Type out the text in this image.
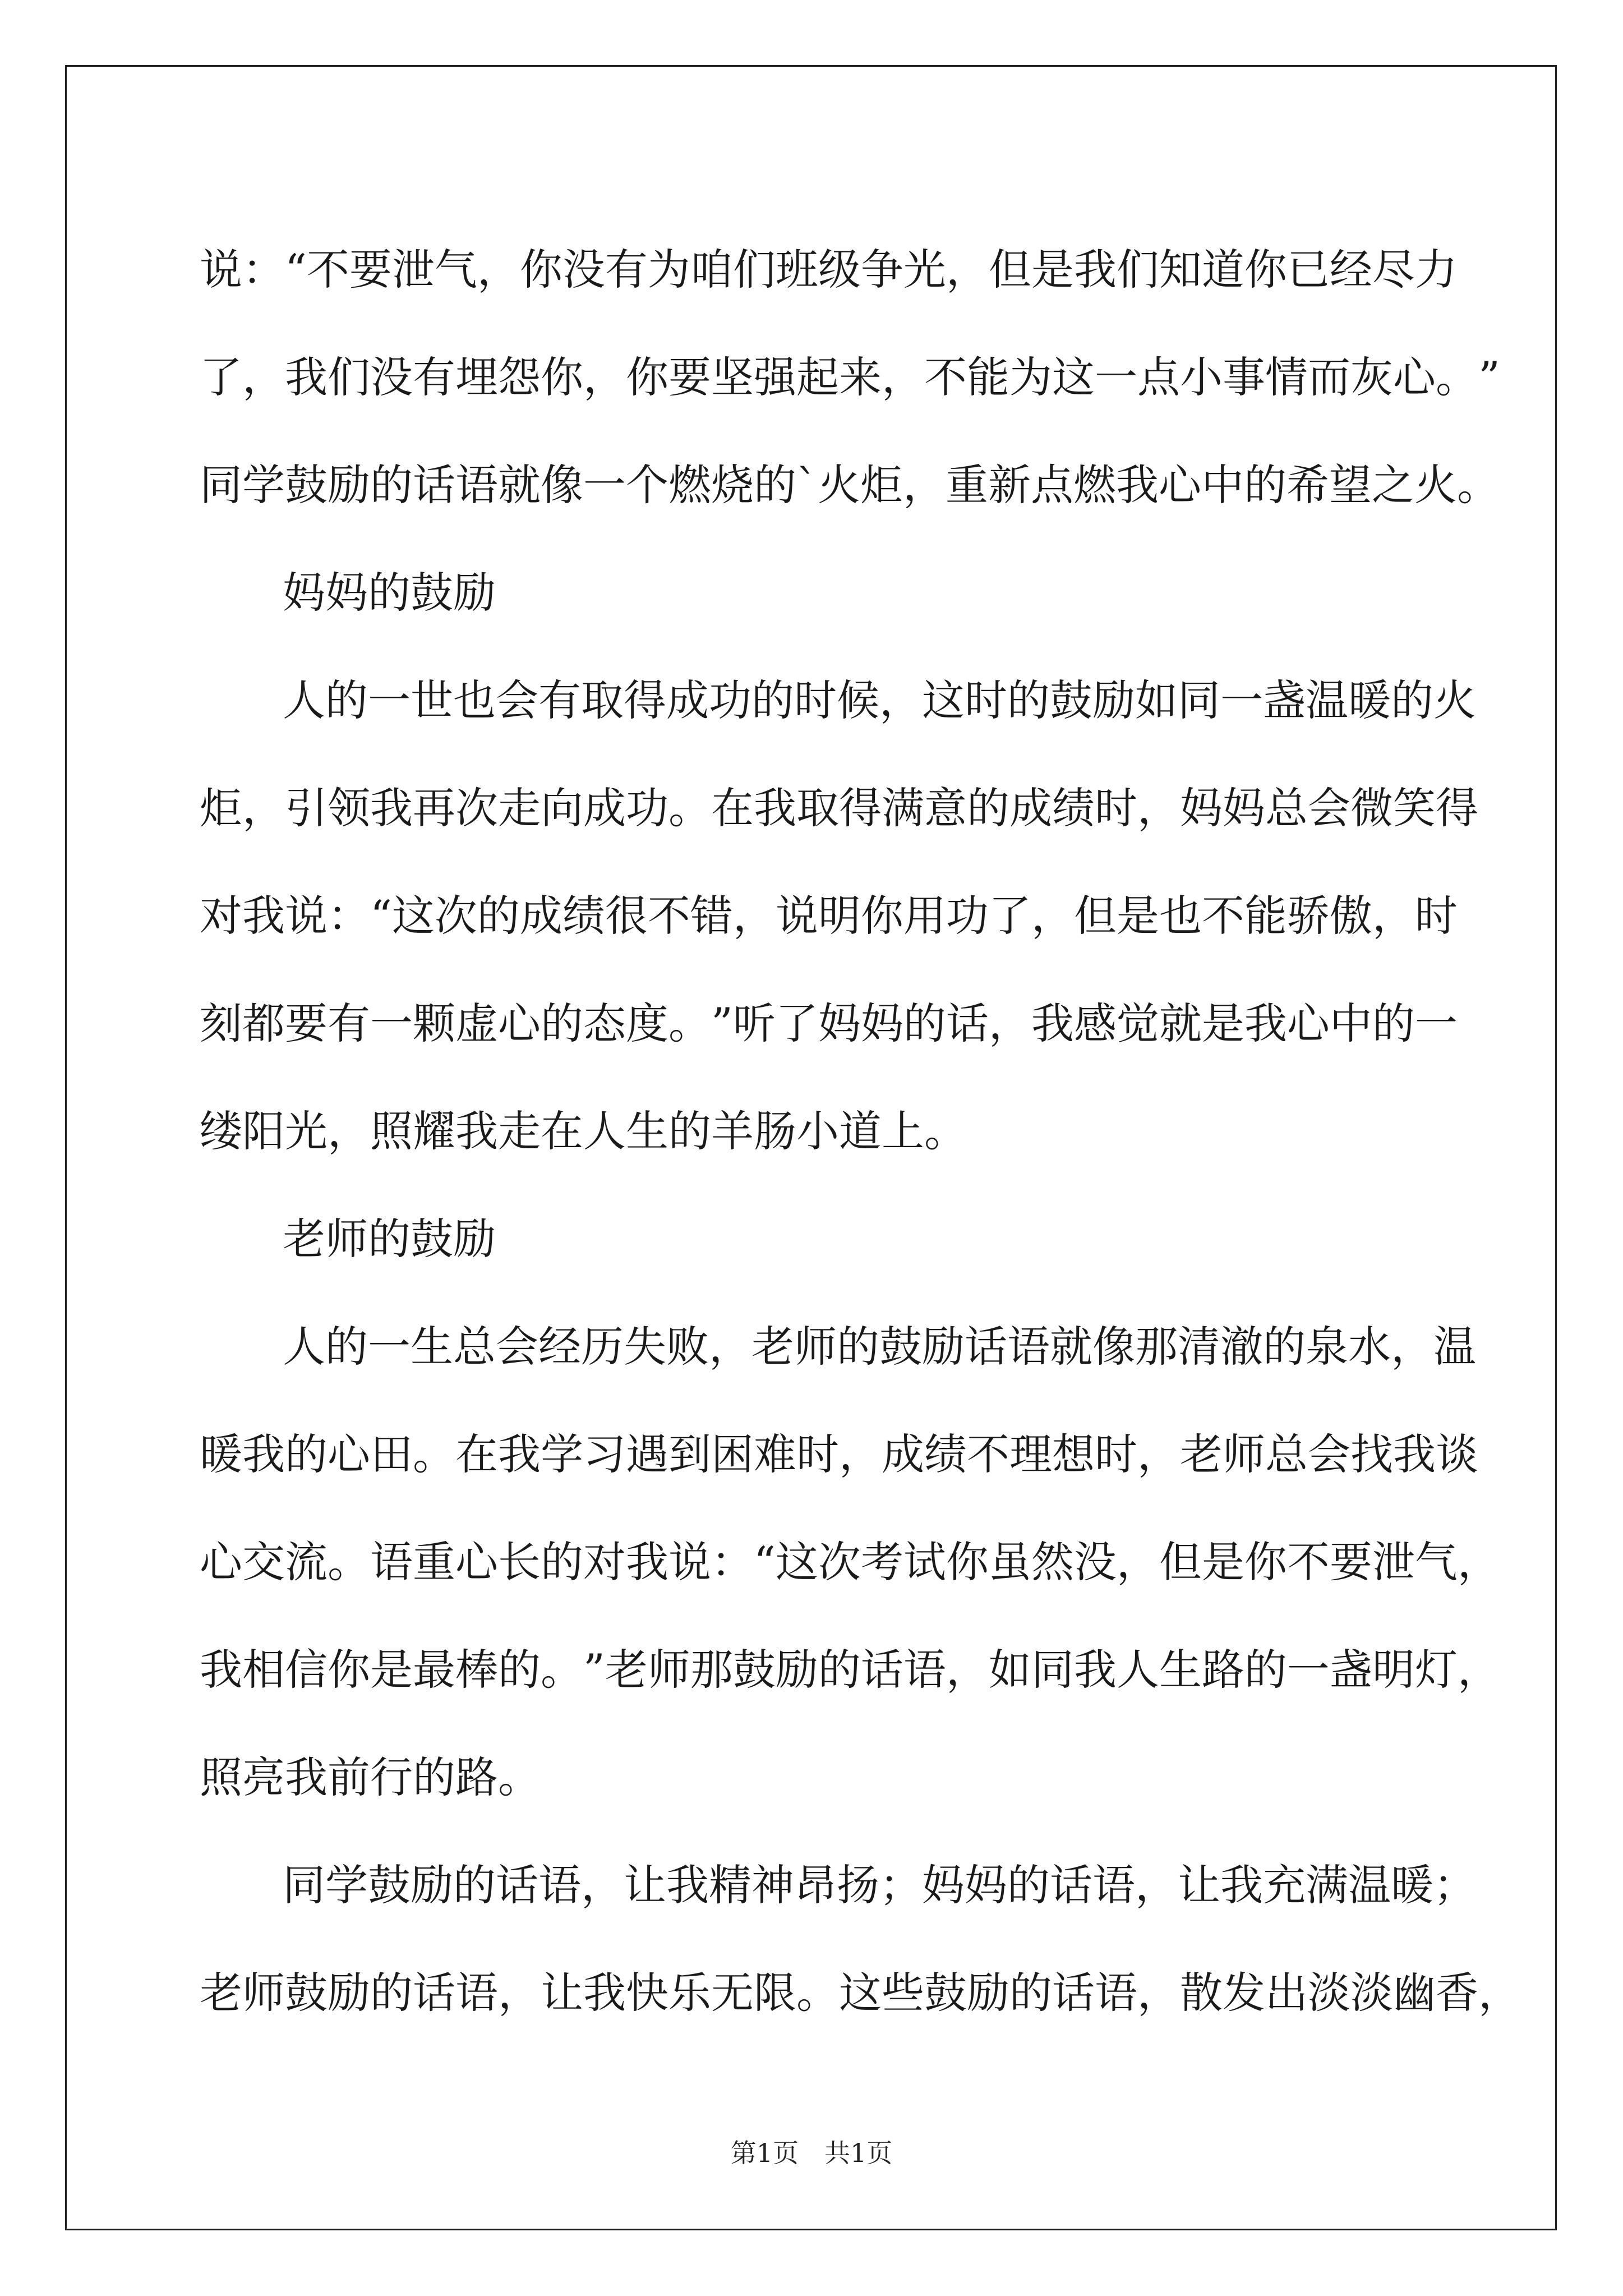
说 ： “ 不 要 泄 气 ， 你 没 有 为 咱 们 班 级 争 光 ， 但 是 我 们 知 道 你 已 经 尽 力
了 ， 我 们 没 有 埋 怨 你 ， 你 要 坚 强 起 来 ， 不 能 为 这 一 点 小 事 情 而 灰 心 。 ”
同 学 鼓 励 的 话 语 就 像 一 个 燃 烧 的 ` 火 炬 ， 重 新 点 燃 我 心 中 的 希 望 之 火 。
妈妈的鼓励
人 的 一 世 也 会 有 取 得 成 功 的 时 候 ， 这 时 的 鼓 励 如 同 一 盏 温 暖 的 火
炬 ， 引 领 我 再 次 走 向 成 功 。 在 我 取 得 满 意 的 成 绩 时 ， 妈 妈 总 会 微 笑 得
对 我 说 ： “ 这 次 的 成 绩 很 不 错 ， 说 明 你 用 功 了 ， 但 是 也 不 能 骄 傲 ， 时
刻 都 要 有 一 颗 虚 心 的 态 度 。 ” 听 了 妈 妈 的 话 ， 我 感 觉 就 是 我 心 中 的 一
缕阳光，照耀我走在人生的羊肠小道上。
老师的鼓励
人 的 一 生 总 会 经 历 失 败 ， 老 师 的 鼓 励 话 语 就 像 那 清 澈 的 泉 水 ， 温
暖 我 的 心 田 。 在 我 学 习 遇 到 困 难 时 ， 成 绩 不 理 想 时 ， 老 师 总 会 找 我 谈
心 交 流 。 语 重 心 长 的 对 我 说 ： “ 这 次 考 试 你 虽 然 没 ， 但 是 你 不 要 泄 气 ，
我 相 信 你 是 最 棒 的 。 ” 老 师 那 鼓 励 的 话 语 ， 如 同 我 人 生 路 的 一 盏 明 灯 ，
照亮我前行的路。
同 学 鼓 励 的 话 语 ， 让 我 精 神 昂 扬 ； 妈 妈 的 话 语 ， 让 我 充 满 温 暖 ；
老 师 鼓 励 的 话 语 ， 让 我 快 乐 无 限 。 这 些 鼓 励 的 话 语 ， 散 发 出 淡 淡 幽 香 ，
第1页　共1页
